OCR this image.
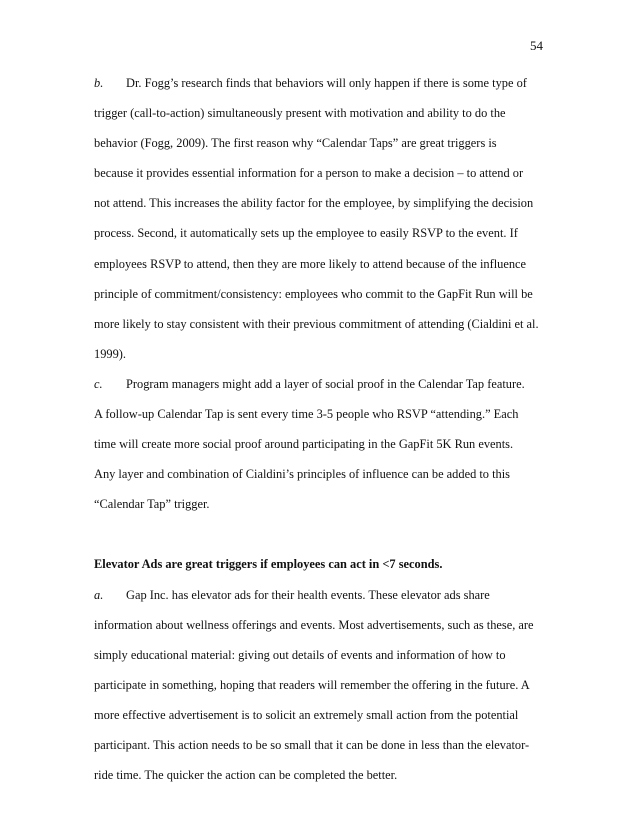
54
b. Dr. Fogg’s research finds that behaviors will only happen if there is some type of
trigger (call-to-action) simultaneously present with motivation and ability to do the
behavior (Fogg, 2009). The first reason why “Calendar Taps” are great triggers is
because it provides essential information for a person to make a decision – to attend or
not attend. This increases the ability factor for the employee, by simplifying the decision
process. Second, it automatically sets up the employee to easily RSVP to the event. If
employees RSVP to attend, then they are more likely to attend because of the influence
principle of commitment/consistency: employees who commit to the GapFit Run will be
more likely to stay consistent with their previous commitment of attending (Cialdini et al.
1999).
c. Program managers might add a layer of social proof in the Calendar Tap feature.
A follow-up Calendar Tap is sent every time 3-5 people who RSVP “attending.” Each
time will create more social proof around participating in the GapFit 5K Run events.
Any layer and combination of Cialdini’s principles of influence can be added to this
“Calendar Tap” trigger.
Elevator Ads are great triggers if employees can act in <7 seconds.
a. Gap Inc. has elevator ads for their health events. These elevator ads share
information about wellness offerings and events. Most advertisements, such as these, are
simply educational material: giving out details of events and information of how to
participate in something, hoping that readers will remember the offering in the future. A
more effective advertisement is to solicit an extremely small action from the potential
participant. This action needs to be so small that it can be done in less than the elevator-
ride time. The quicker the action can be completed the better.
